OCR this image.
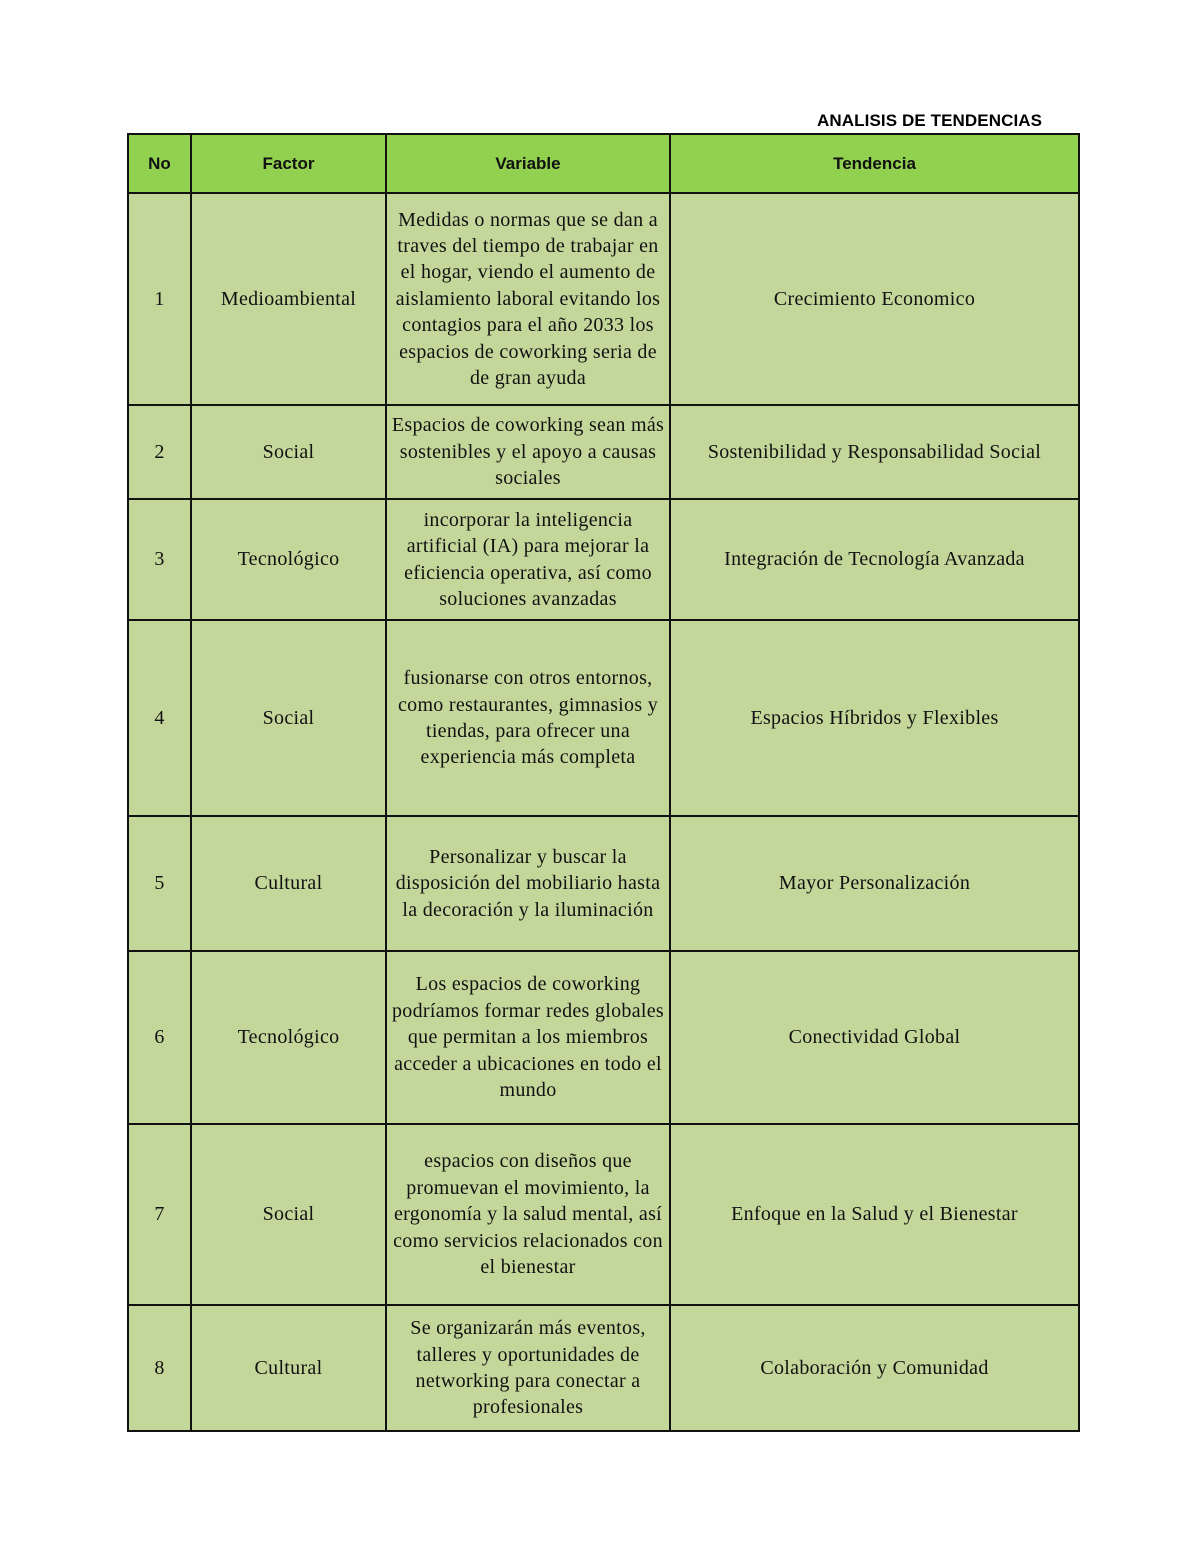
ANALISIS DE TENDENCIAS
No	Factor	Variable	Tendencia
1	Medioambiental	Medidas o normas que se dan a traves del tiempo de trabajar en el hogar, viendo el aumento de aislamiento laboral evitando los contagios para el año 2033 los espacios de coworking seria de de gran ayuda	Crecimiento Economico
2	Social	Espacios de coworking sean más sostenibles y el apoyo a causas sociales	Sostenibilidad y Responsabilidad Social
3	Tecnológico	incorporar la inteligencia artificial (IA) para mejorar la eficiencia operativa, así como soluciones avanzadas	Integración de Tecnología Avanzada
4	Social	fusionarse con otros entornos, como restaurantes, gimnasios y tiendas, para ofrecer una experiencia más completa	Espacios Híbridos y Flexibles
5	Cultural	Personalizar y buscar la disposición del mobiliario hasta la decoración y la iluminación	Mayor Personalización
6	Tecnológico	Los espacios de coworking podríamos formar redes globales que permitan a los miembros acceder a ubicaciones en todo el mundo	Conectividad Global
7	Social	espacios con diseños que promuevan el movimiento, la ergonomía y la salud mental, así como servicios relacionados con el bienestar	Enfoque en la Salud y el Bienestar
8	Cultural	Se organizarán más eventos, talleres y oportunidades de networking para conectar a profesionales	Colaboración y Comunidad
